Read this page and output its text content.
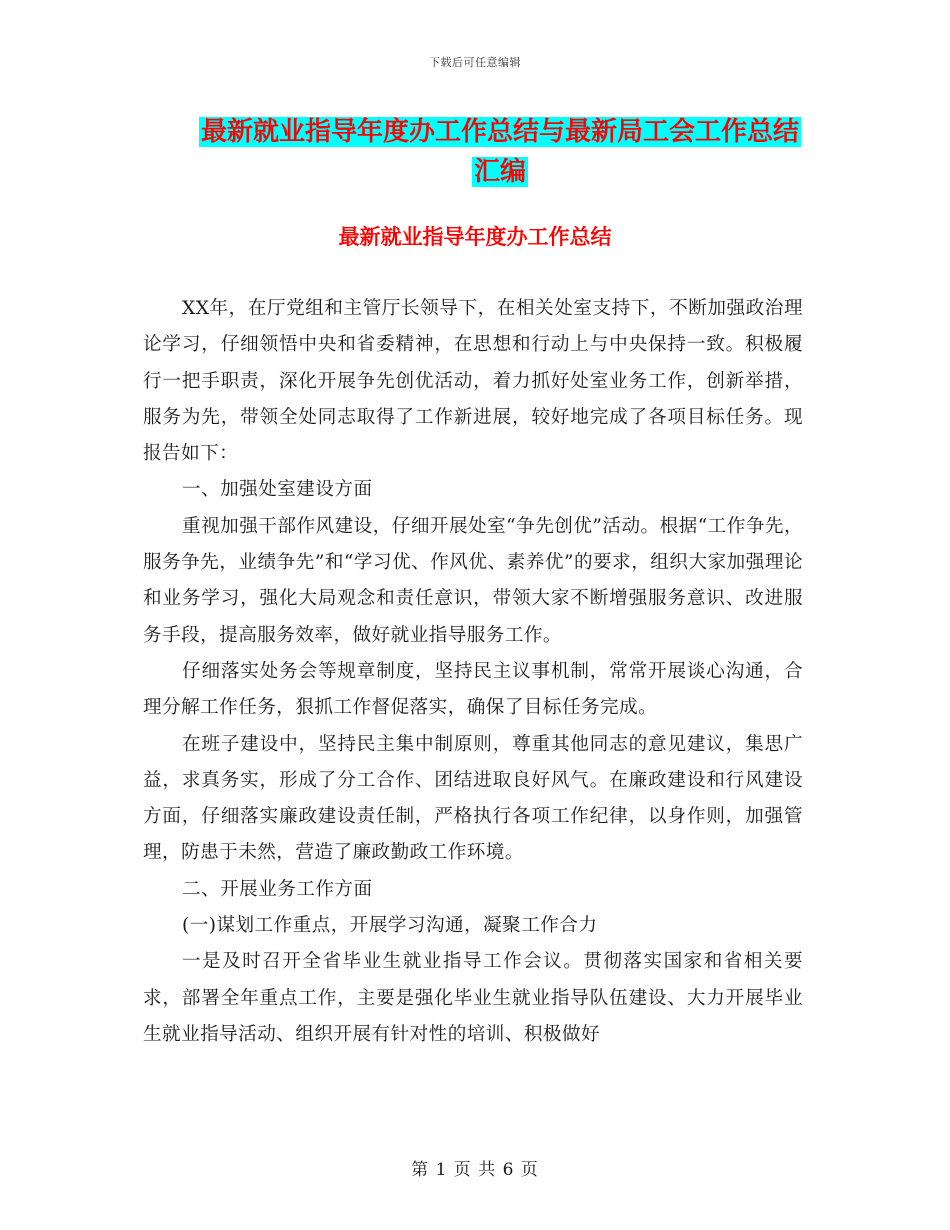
下载后可任意编辑
最新就业指导年度办工作总结与最新局工会工作总结
汇编
最新就业指导年度办工作总结

XX年，在厅党组和主管厅长领导下，在相关处室支持下，不断加强政治理论学习，仔细领悟中央和省委精神，在思想和行动上与中央保持一致。积极履行一把手职责，深化开展争先创优活动，着力抓好处室业务工作，创新举措，服务为先，带领全处同志取得了工作新进展，较好地完成了各项目标任务。现报告如下：

一、加强处室建设方面

重视加强干部作风建设，仔细开展处室“争先创优”活动。根据“工作争先，服务争先，业绩争先”和“学习优、作风优、素养优”的要求，组织大家加强理论和业务学习，强化大局观念和责任意识，带领大家不断增强服务意识、改进服务手段，提高服务效率，做好就业指导服务工作。

仔细落实处务会等规章制度，坚持民主议事机制，常常开展谈心沟通，合理分解工作任务，狠抓工作督促落实，确保了目标任务完成。

在班子建设中，坚持民主集中制原则，尊重其他同志的意见建议，集思广益，求真务实，形成了分工合作、团结进取良好风气。在廉政建设和行风建设方面，仔细落实廉政建设责任制，严格执行各项工作纪律，以身作则，加强管理，防患于未然，营造了廉政勤政工作环境。

二、开展业务工作方面

(一)谋划工作重点，开展学习沟通，凝聚工作合力

一是及时召开全省毕业生就业指导工作会议。贯彻落实国家和省相关要求，部署全年重点工作，主要是强化毕业生就业指导队伍建设、大力开展毕业生就业指导活动、组织开展有针对性的培训、积极做好

第 1 页 共 6 页
